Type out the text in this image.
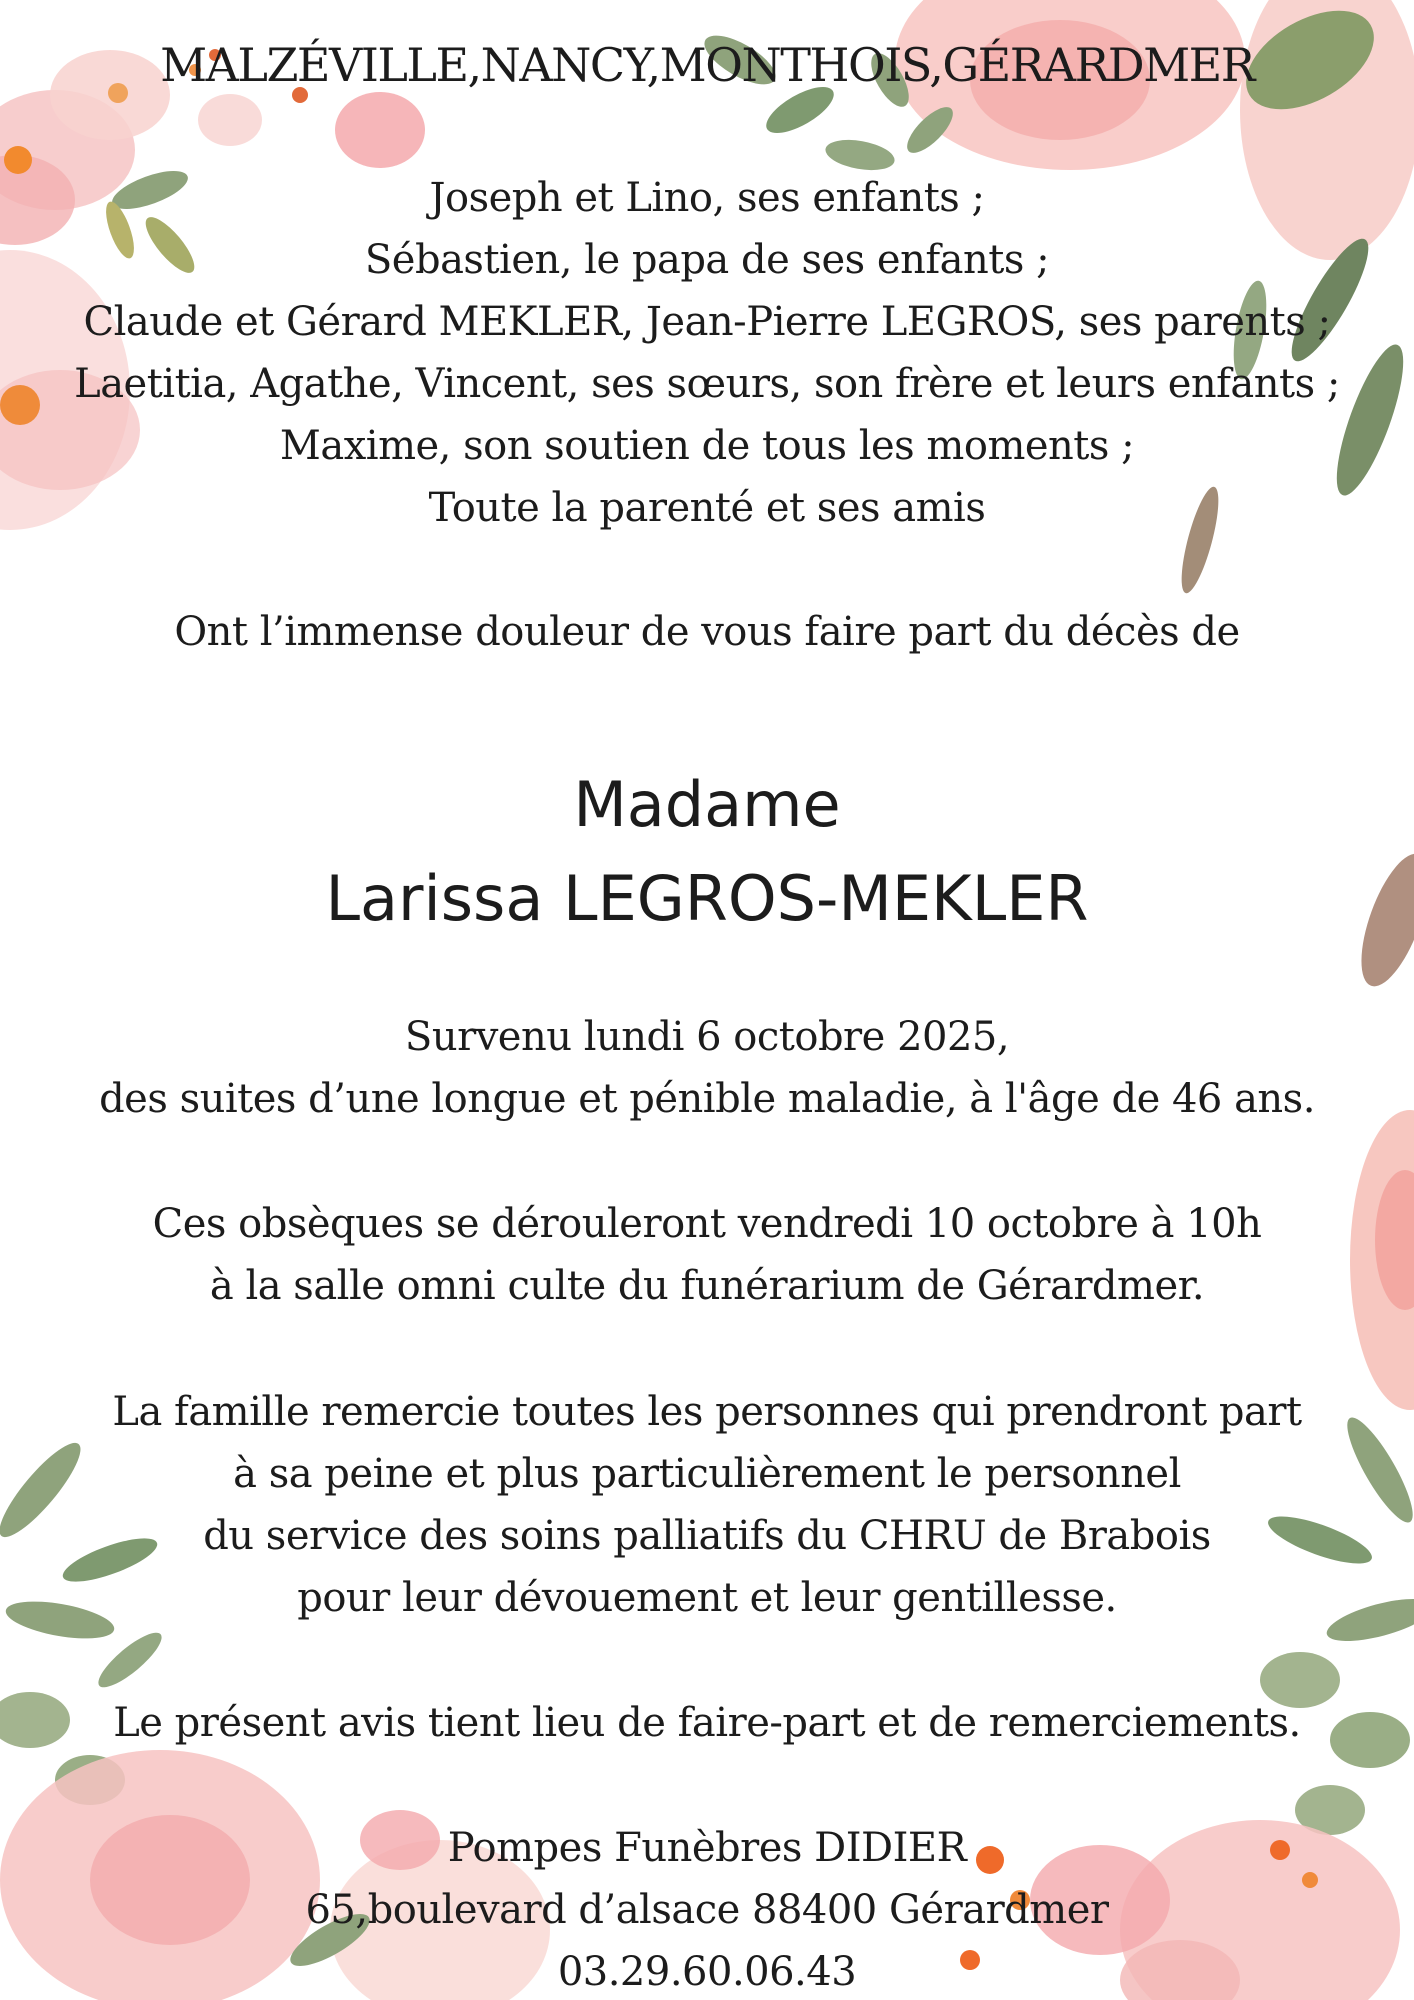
MALZÉVILLE,NANCY,MONTHOIS,GÉRARDMER
Joseph et Lino, ses enfants ;
Sébastien, le papa de ses enfants ;
Claude et Gérard MEKLER, Jean-Pierre LEGROS, ses parents ;
Laetitia, Agathe, Vincent, ses sœurs, son frère et leurs enfants ;
Maxime, son soutien de tous les moments ;
Toute la parenté et ses amis
Ont l’immense douleur de vous faire part du décès de
Madame
Larissa LEGROS-MEKLER
Survenu lundi 6 octobre 2025,
des suites d’une longue et pénible maladie, à l'âge de 46 ans.
Ces obsèques se dérouleront vendredi 10 octobre à 10h
à la salle omni culte du funérarium de Gérardmer.
La famille remercie toutes les personnes qui prendront part
à sa peine et plus particulièrement le personnel
du service des soins palliatifs du CHRU de Brabois
pour leur dévouement et leur gentillesse.
Le présent avis tient lieu de faire-part et de remerciements.
Pompes Funèbres DIDIER
65,boulevard d’alsace 88400 Gérardmer
03.29.60.06.43
